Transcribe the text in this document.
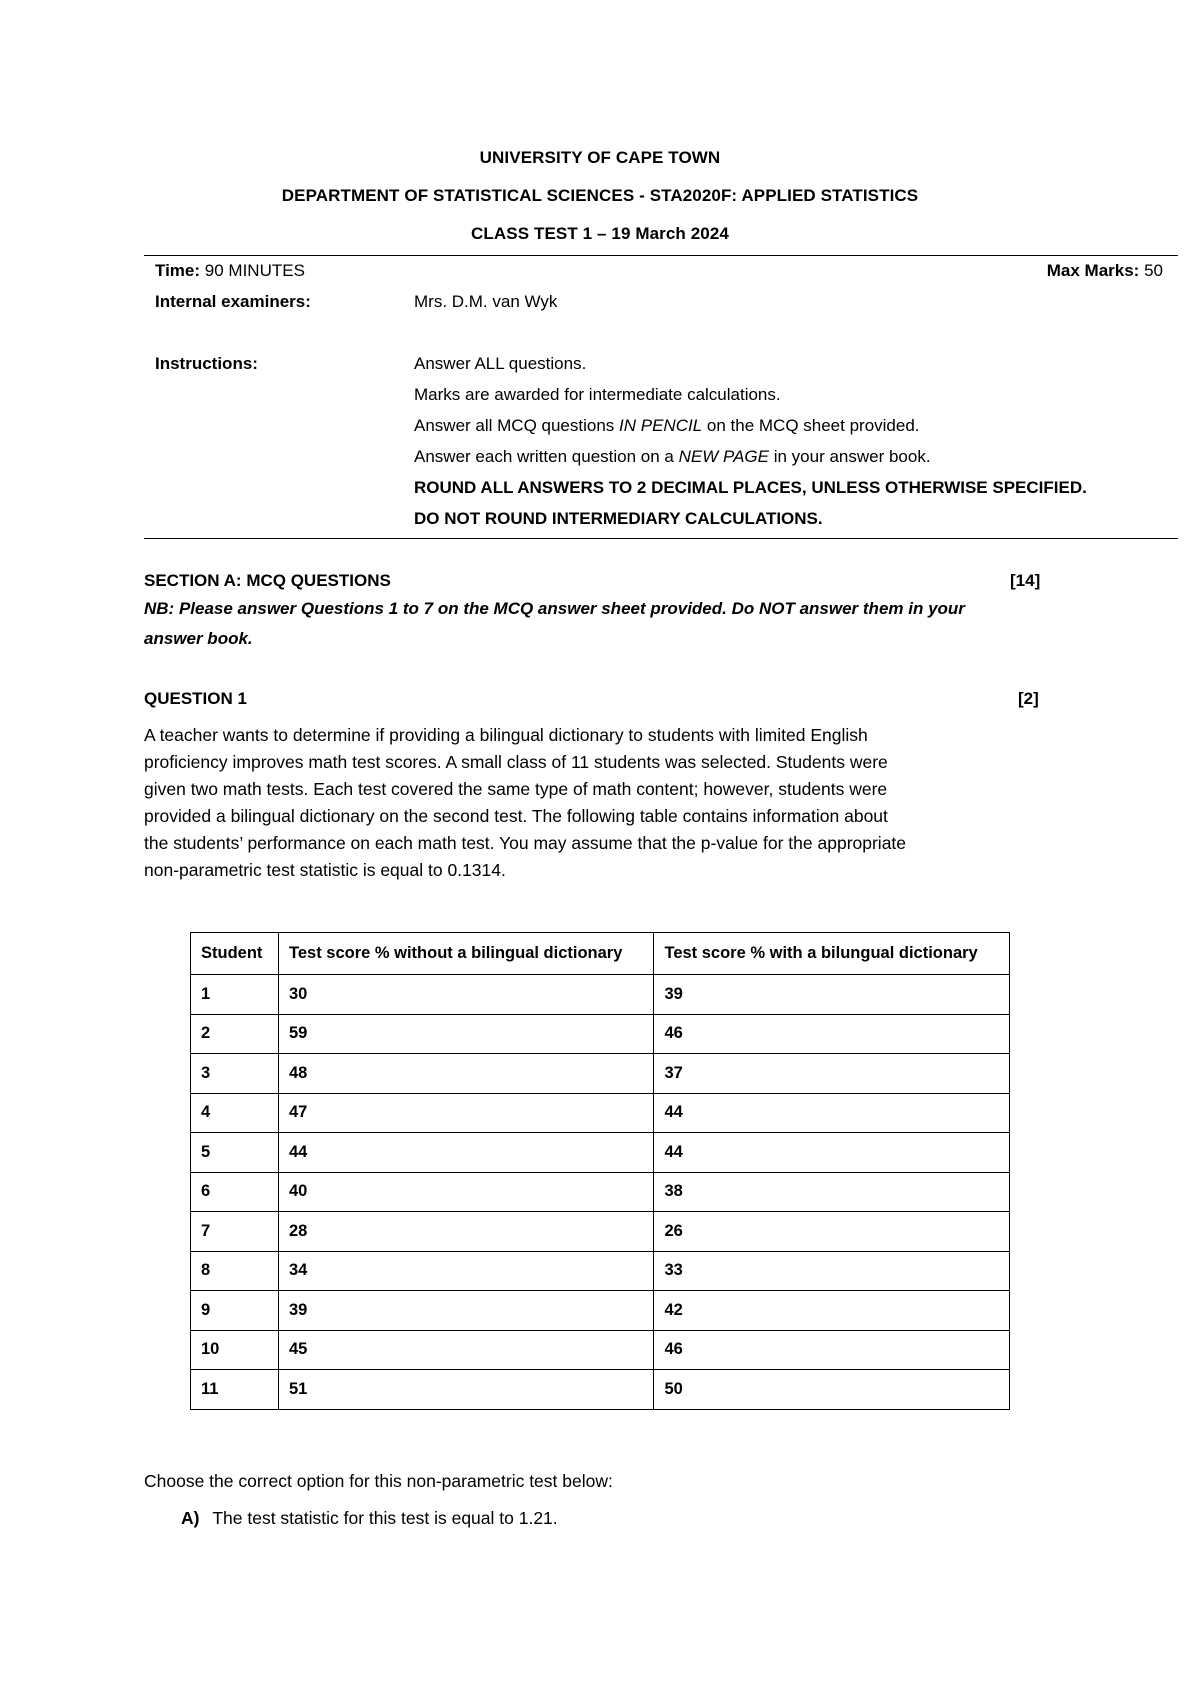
UNIVERSITY OF CAPE TOWN
DEPARTMENT OF STATISTICAL SCIENCES - STA2020F: APPLIED STATISTICS
CLASS TEST 1 – 19 March 2024
Time: 90 MINUTES	Max Marks: 50
Internal examiners:	Mrs. D.M. van Wyk
Instructions:	Answer ALL questions.
Marks are awarded for intermediate calculations.
Answer all MCQ questions IN PENCIL on the MCQ sheet provided.
Answer each written question on a NEW PAGE in your answer book.
ROUND ALL ANSWERS TO 2 DECIMAL PLACES, UNLESS OTHERWISE SPECIFIED.
DO NOT ROUND INTERMEDIARY CALCULATIONS.
SECTION A: MCQ QUESTIONS	[14]
NB: Please answer Questions 1 to 7 on the MCQ answer sheet provided. Do NOT answer them in your
answer book.
QUESTION 1	[2]
A teacher wants to determine if providing a bilingual dictionary to students with limited English
proficiency improves math test scores. A small class of 11 students was selected. Students were
given two math tests. Each test covered the same type of math content; however, students were
provided a bilingual dictionary on the second test. The following table contains information about
the students’ performance on each math test. You may assume that the p-value for the appropriate
non-parametric test statistic is equal to 0.1314.
Student	Test score % without a bilingual dictionary	Test score % with a bilungual dictionary
1	30	39
2	59	46
3	48	37
4	47	44
5	44	44
6	40	38
7	28	26
8	34	33
9	39	42
10	45	46
11	51	50
Choose the correct option for this non-parametric test below:
A) The test statistic for this test is equal to 1.21.
